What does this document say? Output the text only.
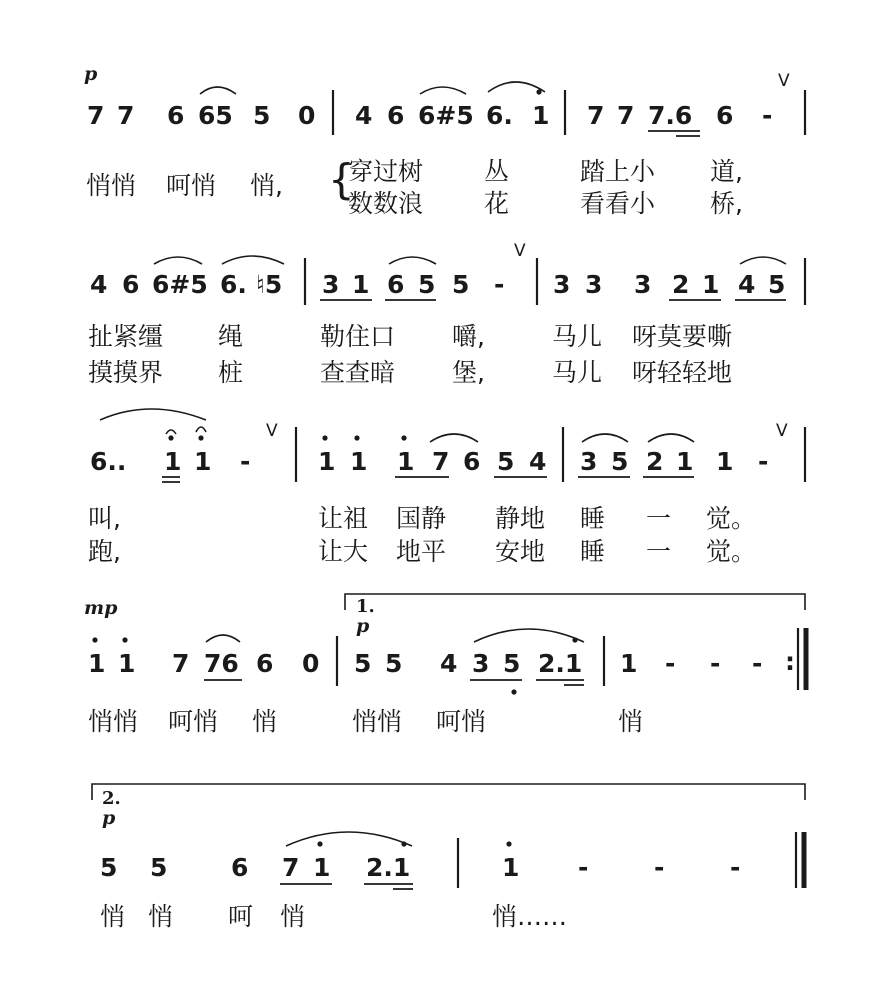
p
7 7 6 65 5 0 4 6 6#5 6. 1 7 7 7.6 6 -
V
悄悄 呵悄 悄, {
穿过树 丛	踏上小 道,
数数浪 花	看看小 桥,
4 6 6#5 6. ♮5 3 1 6 5 5 -
V
3 3 3 2 1 4 5
扯紧缰 绳	勒住口 嚼,	马儿 呀莫要嘶
摸摸界 桩	查查暗 堡,	马儿 呀轻轻地
6.. 1 1 -
V
1 1 1 7 6 5 4 3 5 2 1 1 -
V
叫,	让祖 国静 静地 睡 一 觉。
跑,	让大 地平 安地 睡 一 觉。
mp
1 1 7 76 6 0
1.
p
5 5 4 3 5 2.1 1 - - - :
悄悄 呵悄 悄	悄悄 呵悄	悄
2.
p
5 5	6 7 1 2.1	1 -	-	-
悄 悄 呵 悄	悄……
